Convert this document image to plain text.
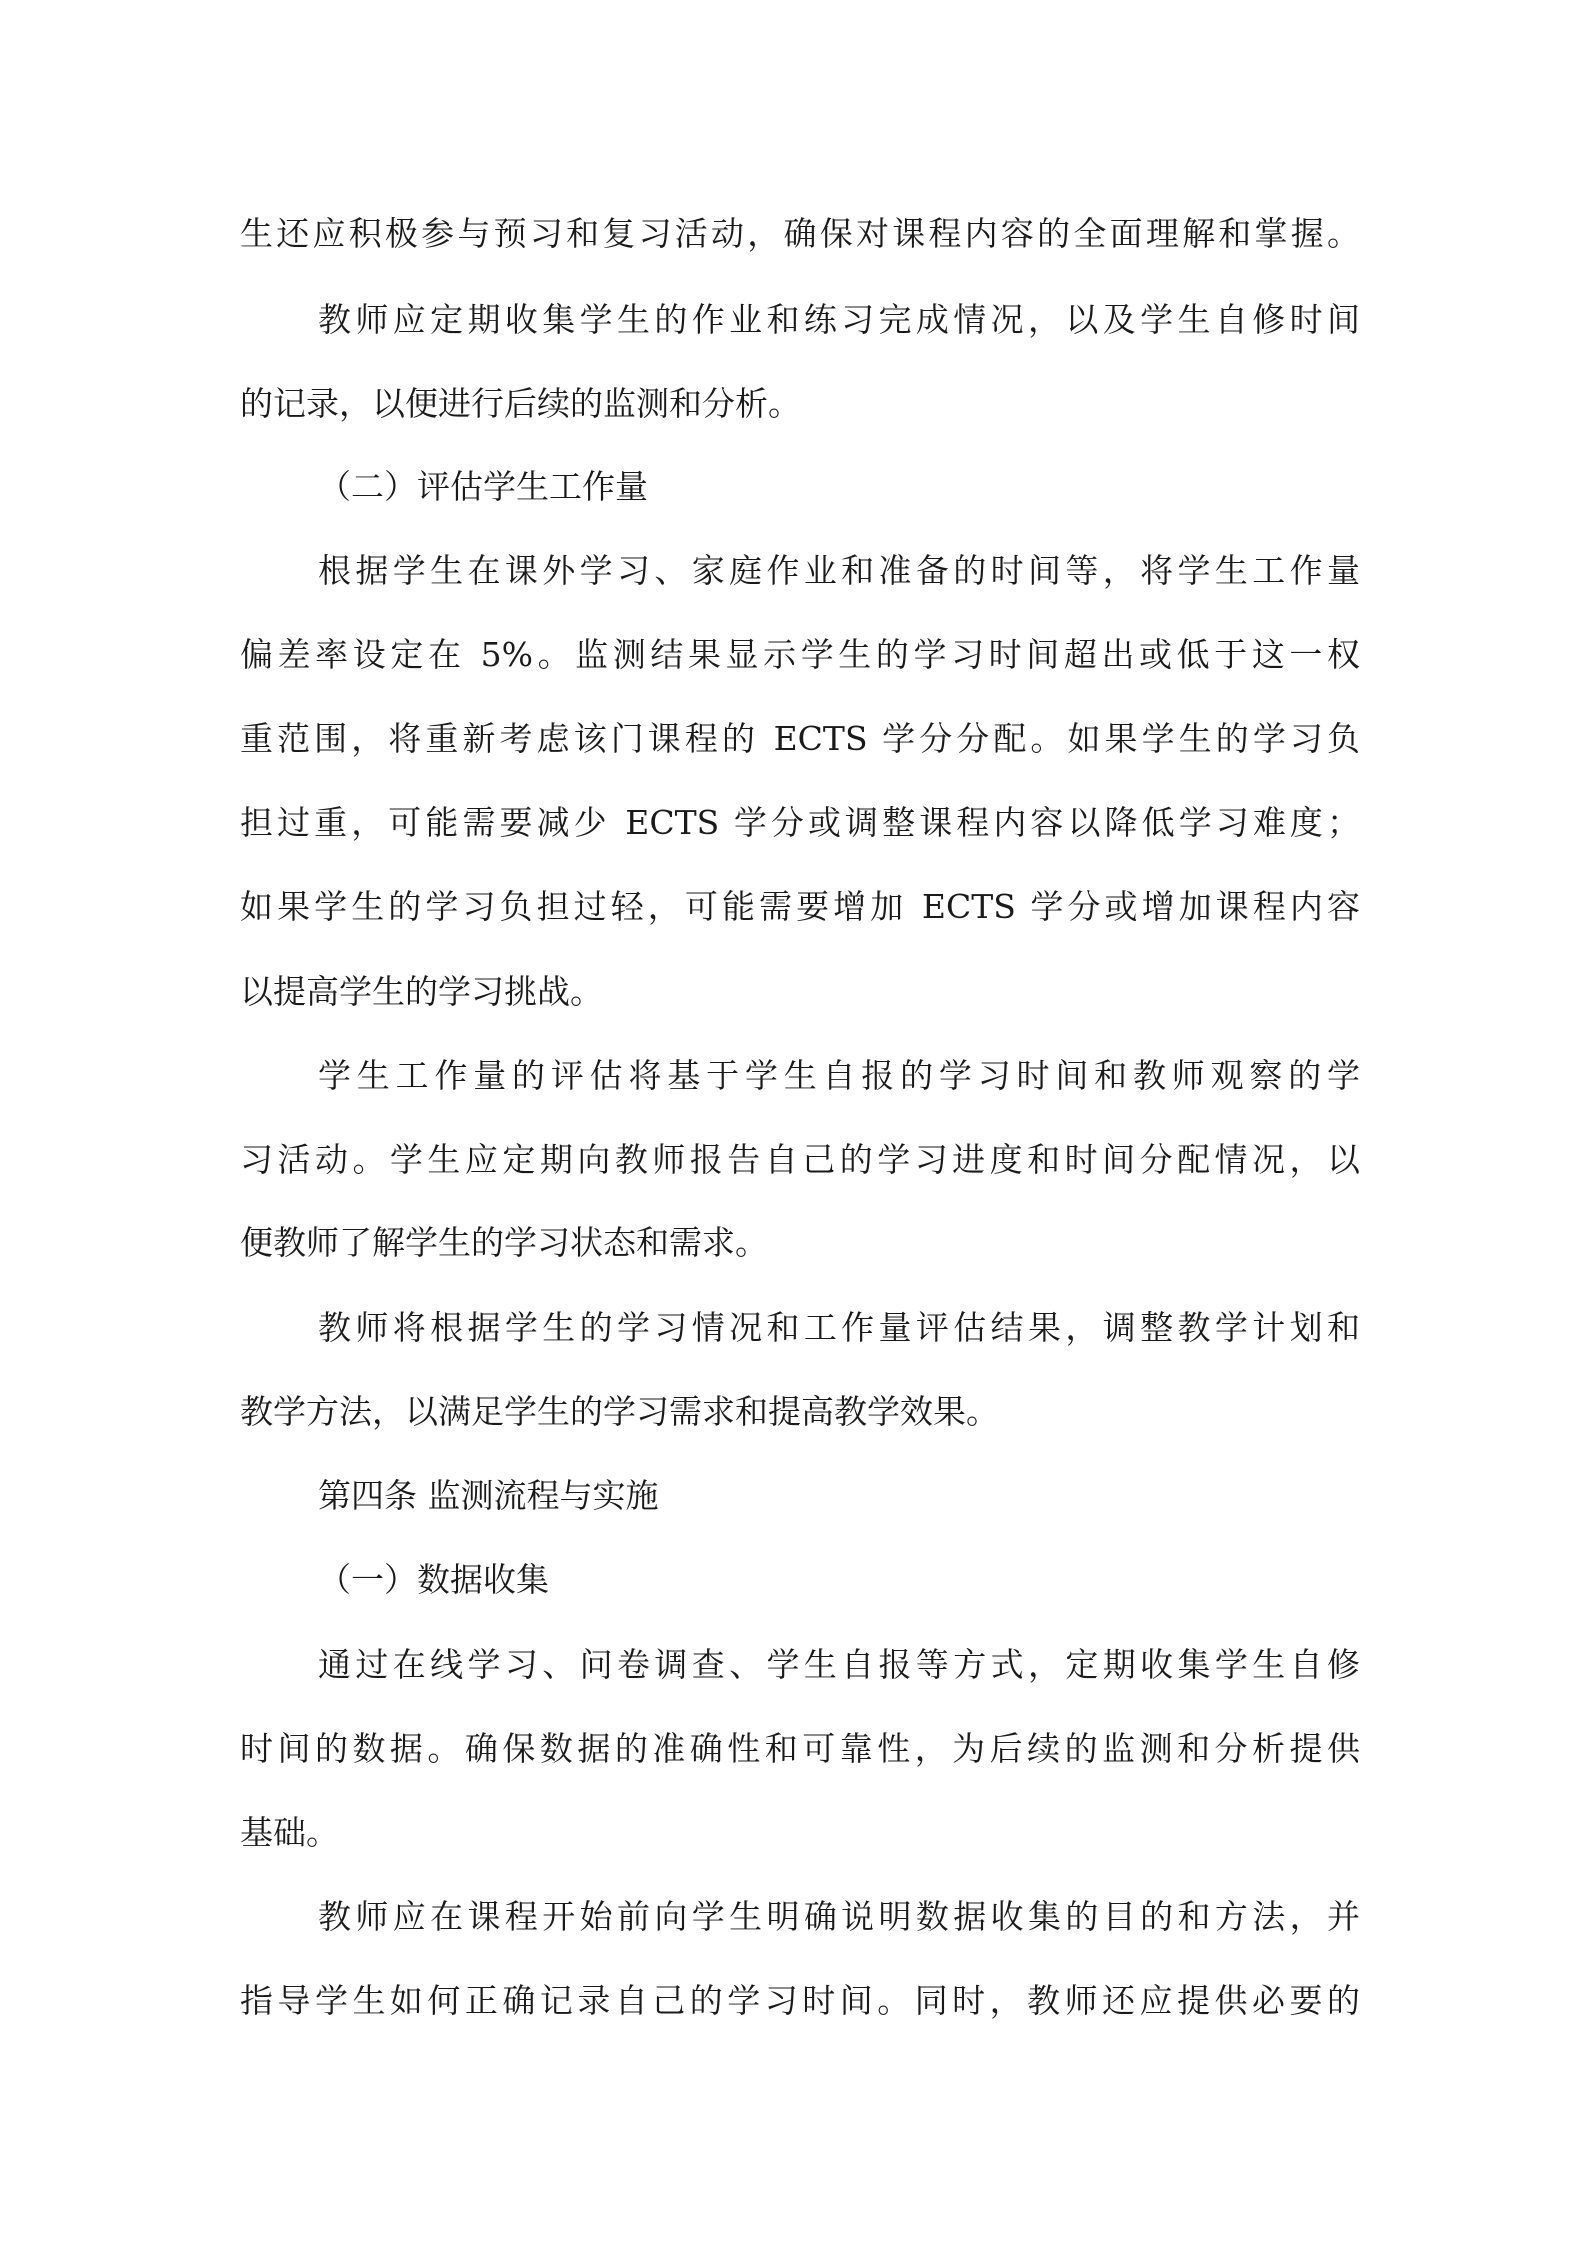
生还应积极参与预习和复习活动，确保对课程内容的全面理解和掌握。
教师应定期收集学生的作业和练习完成情况，以及学生自修时间
的记录，以便进行后续的监测和分析。
（二）评估学生工作量
根据学生在课外学习、家庭作业和准备的时间等，将学生工作量
偏差率设定在 5%。监测结果显示学生的学习时间超出或低于这一权
重范围，将重新考虑该门课程的 ECTS 学分分配。如果学生的学习负
担过重，可能需要减少 ECTS 学分或调整课程内容以降低学习难度；
如果学生的学习负担过轻，可能需要增加 ECTS 学分或增加课程内容
以提高学生的学习挑战。
学生工作量的评估将基于学生自报的学习时间和教师观察的学
习活动。学生应定期向教师报告自己的学习进度和时间分配情况，以
便教师了解学生的学习状态和需求。
教师将根据学生的学习情况和工作量评估结果，调整教学计划和
教学方法，以满足学生的学习需求和提高教学效果。
第四条 监测流程与实施
（一）数据收集
通过在线学习、问卷调查、学生自报等方式，定期收集学生自修
时间的数据。确保数据的准确性和可靠性，为后续的监测和分析提供
基础。
教师应在课程开始前向学生明确说明数据收集的目的和方法，并
指导学生如何正确记录自己的学习时间。同时，教师还应提供必要的
